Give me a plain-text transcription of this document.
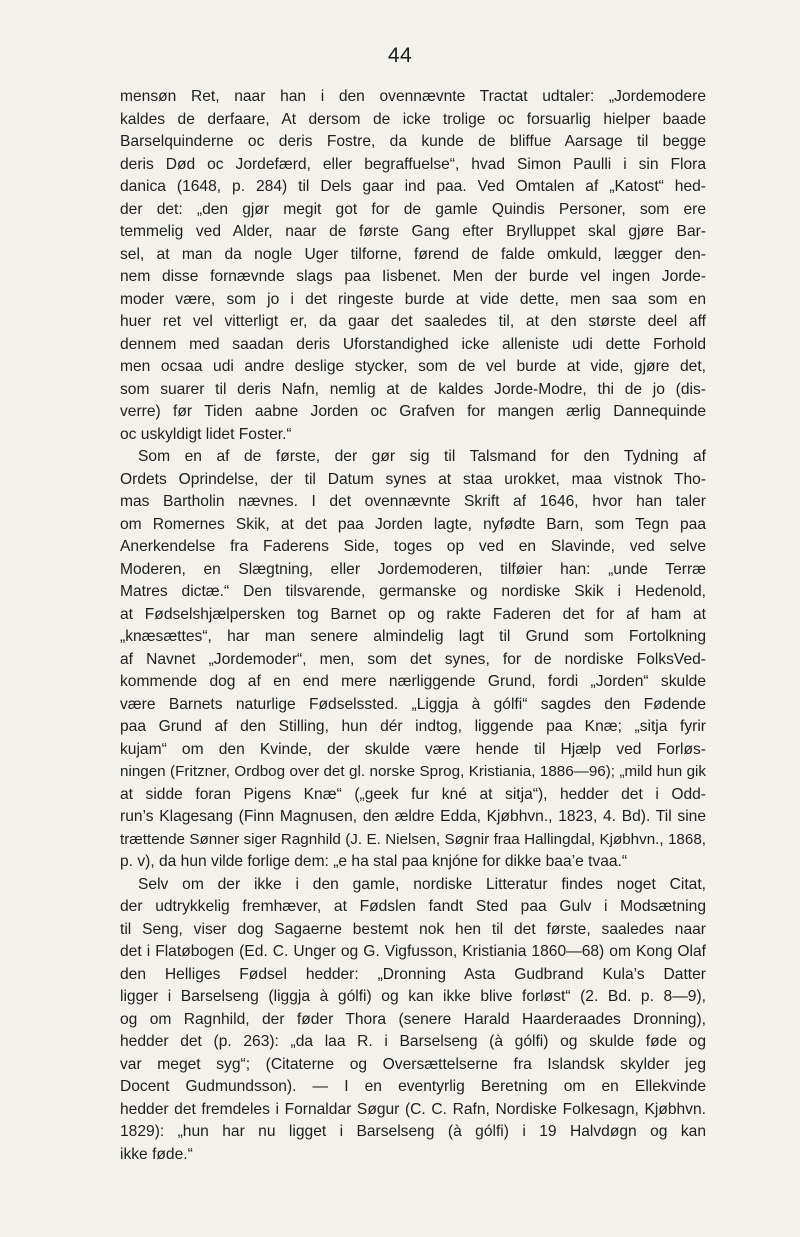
44
mensøn Ret, naar han i den ovennævnte Tractat udtaler: „Jordemodere
kaldes de derfaare, At dersom de icke trolige oc forsuarlig hielper baade
Barselquinderne oc deris Fostre, da kunde de bliffue Aarsage til begge
deris Død oc Jordefærd, eller begraffuelse“, hvad Simon Paulli i sin Flora
danica (1648, p. 284) til Dels gaar ind paa. Ved Omtalen af „Katost“ hed-
der det: „den gjør megit got for de gamle Quindis Personer, som ere
temmelig ved Alder, naar de første Gang efter Brylluppet skal gjøre Bar-
sel, at man da nogle Uger tilforne, førend de falde omkuld, lægger den-
nem disse fornævnde slags paa Iisbenet. Men der burde vel ingen Jorde-
moder være, som jo i det ringeste burde at vide dette, men saa som en
huer ret vel vitterligt er, da gaar det saaledes til, at den største deel aff
dennem med saadan deris Uforstandighed icke alleniste udi dette Forhold
men ocsaa udi andre deslige stycker, som de vel burde at vide, gjøre det,
som suarer til deris Nafn, nemlig at de kaldes Jorde-Modre, thi de jo (dis-
verre) før Tiden aabne Jorden oc Grafven for mangen ærlig Dannequinde
oc uskyldigt lidet Foster.“
Som en af de første, der gør sig til Talsmand for den Tydning af
Ordets Oprindelse, der til Datum synes at staa urokket, maa vistnok Tho-
mas Bartholin nævnes. I det ovennævnte Skrift af 1646, hvor han taler
om Romernes Skik, at det paa Jorden lagte, nyfødte Barn, som Tegn paa
Anerkendelse fra Faderens Side, toges op ved en Slavinde, ved selve
Moderen, en Slægtning, eller Jordemoderen, tilføier han: „unde Terræ
Matres dictæ.“ Den tilsvarende, germanske og nordiske Skik i Hedenold,
at Fødselshjælpersken tog Barnet op og rakte Faderen det for af ham at
„knæsættes“, har man senere almindelig lagt til Grund som Fortolkning
af Navnet „Jordemoder“, men, som det synes, for de nordiske FolksVed-
kommende dog af en end mere nærliggende Grund, fordi „Jorden“ skulde
være Barnets naturlige Fødselssted. „Liggja à gólfi“ sagdes den Fødende
paa Grund af den Stilling, hun dér indtog, liggende paa Knæ; „sitja fyrir
kujam“ om den Kvinde, der skulde være hende til Hjælp ved Forløs-
ningen (Fritzner, Ordbog over det gl. norske Sprog, Kristiania, 1886—96); „mild hun gik
at sidde foran Pigens Knæ“ („geek fur kné at sitja“), hedder det i Odd-
run’s Klagesang (Finn Magnusen, den ældre Edda, Kjøbhvn., 1823, 4. Bd). Til sine
trættende Sønner siger Ragnhild (J. E. Nielsen, Søgnir fraa Hallingdal, Kjøbhvn., 1868,
p. v), da hun vilde forlige dem: „e ha stal paa knjóne for dikke baa’e tvaa.“
Selv om der ikke i den gamle, nordiske Litteratur findes noget Citat,
der udtrykkelig fremhæver, at Fødslen fandt Sted paa Gulv i Modsætning
til Seng, viser dog Sagaerne bestemt nok hen til det første, saaledes naar
det i Flatøbogen (Ed. C. Unger og G. Vigfusson, Kristiania 1860—68) om Kong Olaf
den Helliges Fødsel hedder: „Dronning Asta Gudbrand Kula’s Datter
ligger i Barselseng (liggja à gólfi) og kan ikke blive forløst“ (2. Bd. p. 8—9),
og om Ragnhild, der føder Thora (senere Harald Haarderaades Dronning),
hedder det (p. 263): „da laa R. i Barselseng (à gólfi) og skulde føde og
var meget syg“; (Citaterne og Oversættelserne fra Islandsk skylder jeg
Docent Gudmundsson). — I en eventyrlig Beretning om en Ellekvinde
hedder det fremdeles i Fornaldar Søgur (C. C. Rafn, Nordiske Folkesagn, Kjøbhvn.
1829): „hun har nu ligget i Barselseng (à gólfi) i 19 Halvdøgn og kan
ikke føde.“
